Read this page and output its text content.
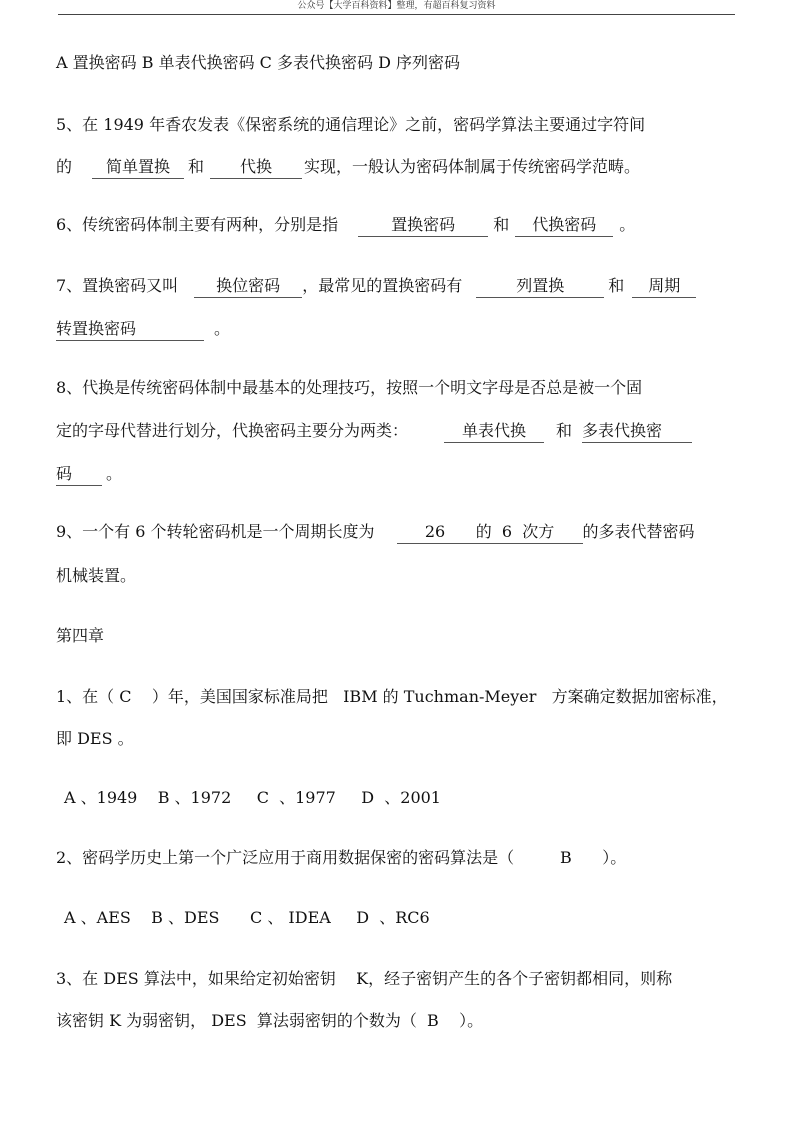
公众号【大学百科资料】整理，有超百科复习资料
A 置换密码 B 单表代换密码 C 多表代换密码 D 序列密码
5、在 1949 年香农发表《保密系统的通信理论》之前，密码学算法主要通过字符间
的 简单置换 和 代换 实现，一般认为密码体制属于传统密码学范畴。
6、传统密码体制主要有两种，分别是指	置换密码 和 代换密码 。
7、置换密码又叫 换位密码 ，最常见的置换密码有	列置换	和 周期
转置换密码	。
8、代换是传统密码体制中最基本的处理技巧，按照一个明文字母是否总是被一个固
定的字母代替进行划分，代换密码主要分为两类：	单表代换 和 多表代换密
码 。
9、一个有 6 个转轮密码机是一个周期长度为	26      的  6  次方 的多表代替密码
机械装置。
第四章
1、在（ C    ）年，美国国家标准局把   IBM 的 Tuchman-Meyer   方案确定数据加密标准，
即 DES 。
A 、1949    B 、1972     C  、1977     D  、2001
2、密码学历史上第一个广泛应用于商用数据保密的密码算法是（         B      ）。
A 、AES    B 、DES      C 、 IDEA     D  、RC6
3、在 DES 算法中，如果给定初始密钥    K，经子密钥产生的各个子密钥都相同，则称
该密钥 K 为弱密钥， DES  算法弱密钥的个数为（  B    ）。
